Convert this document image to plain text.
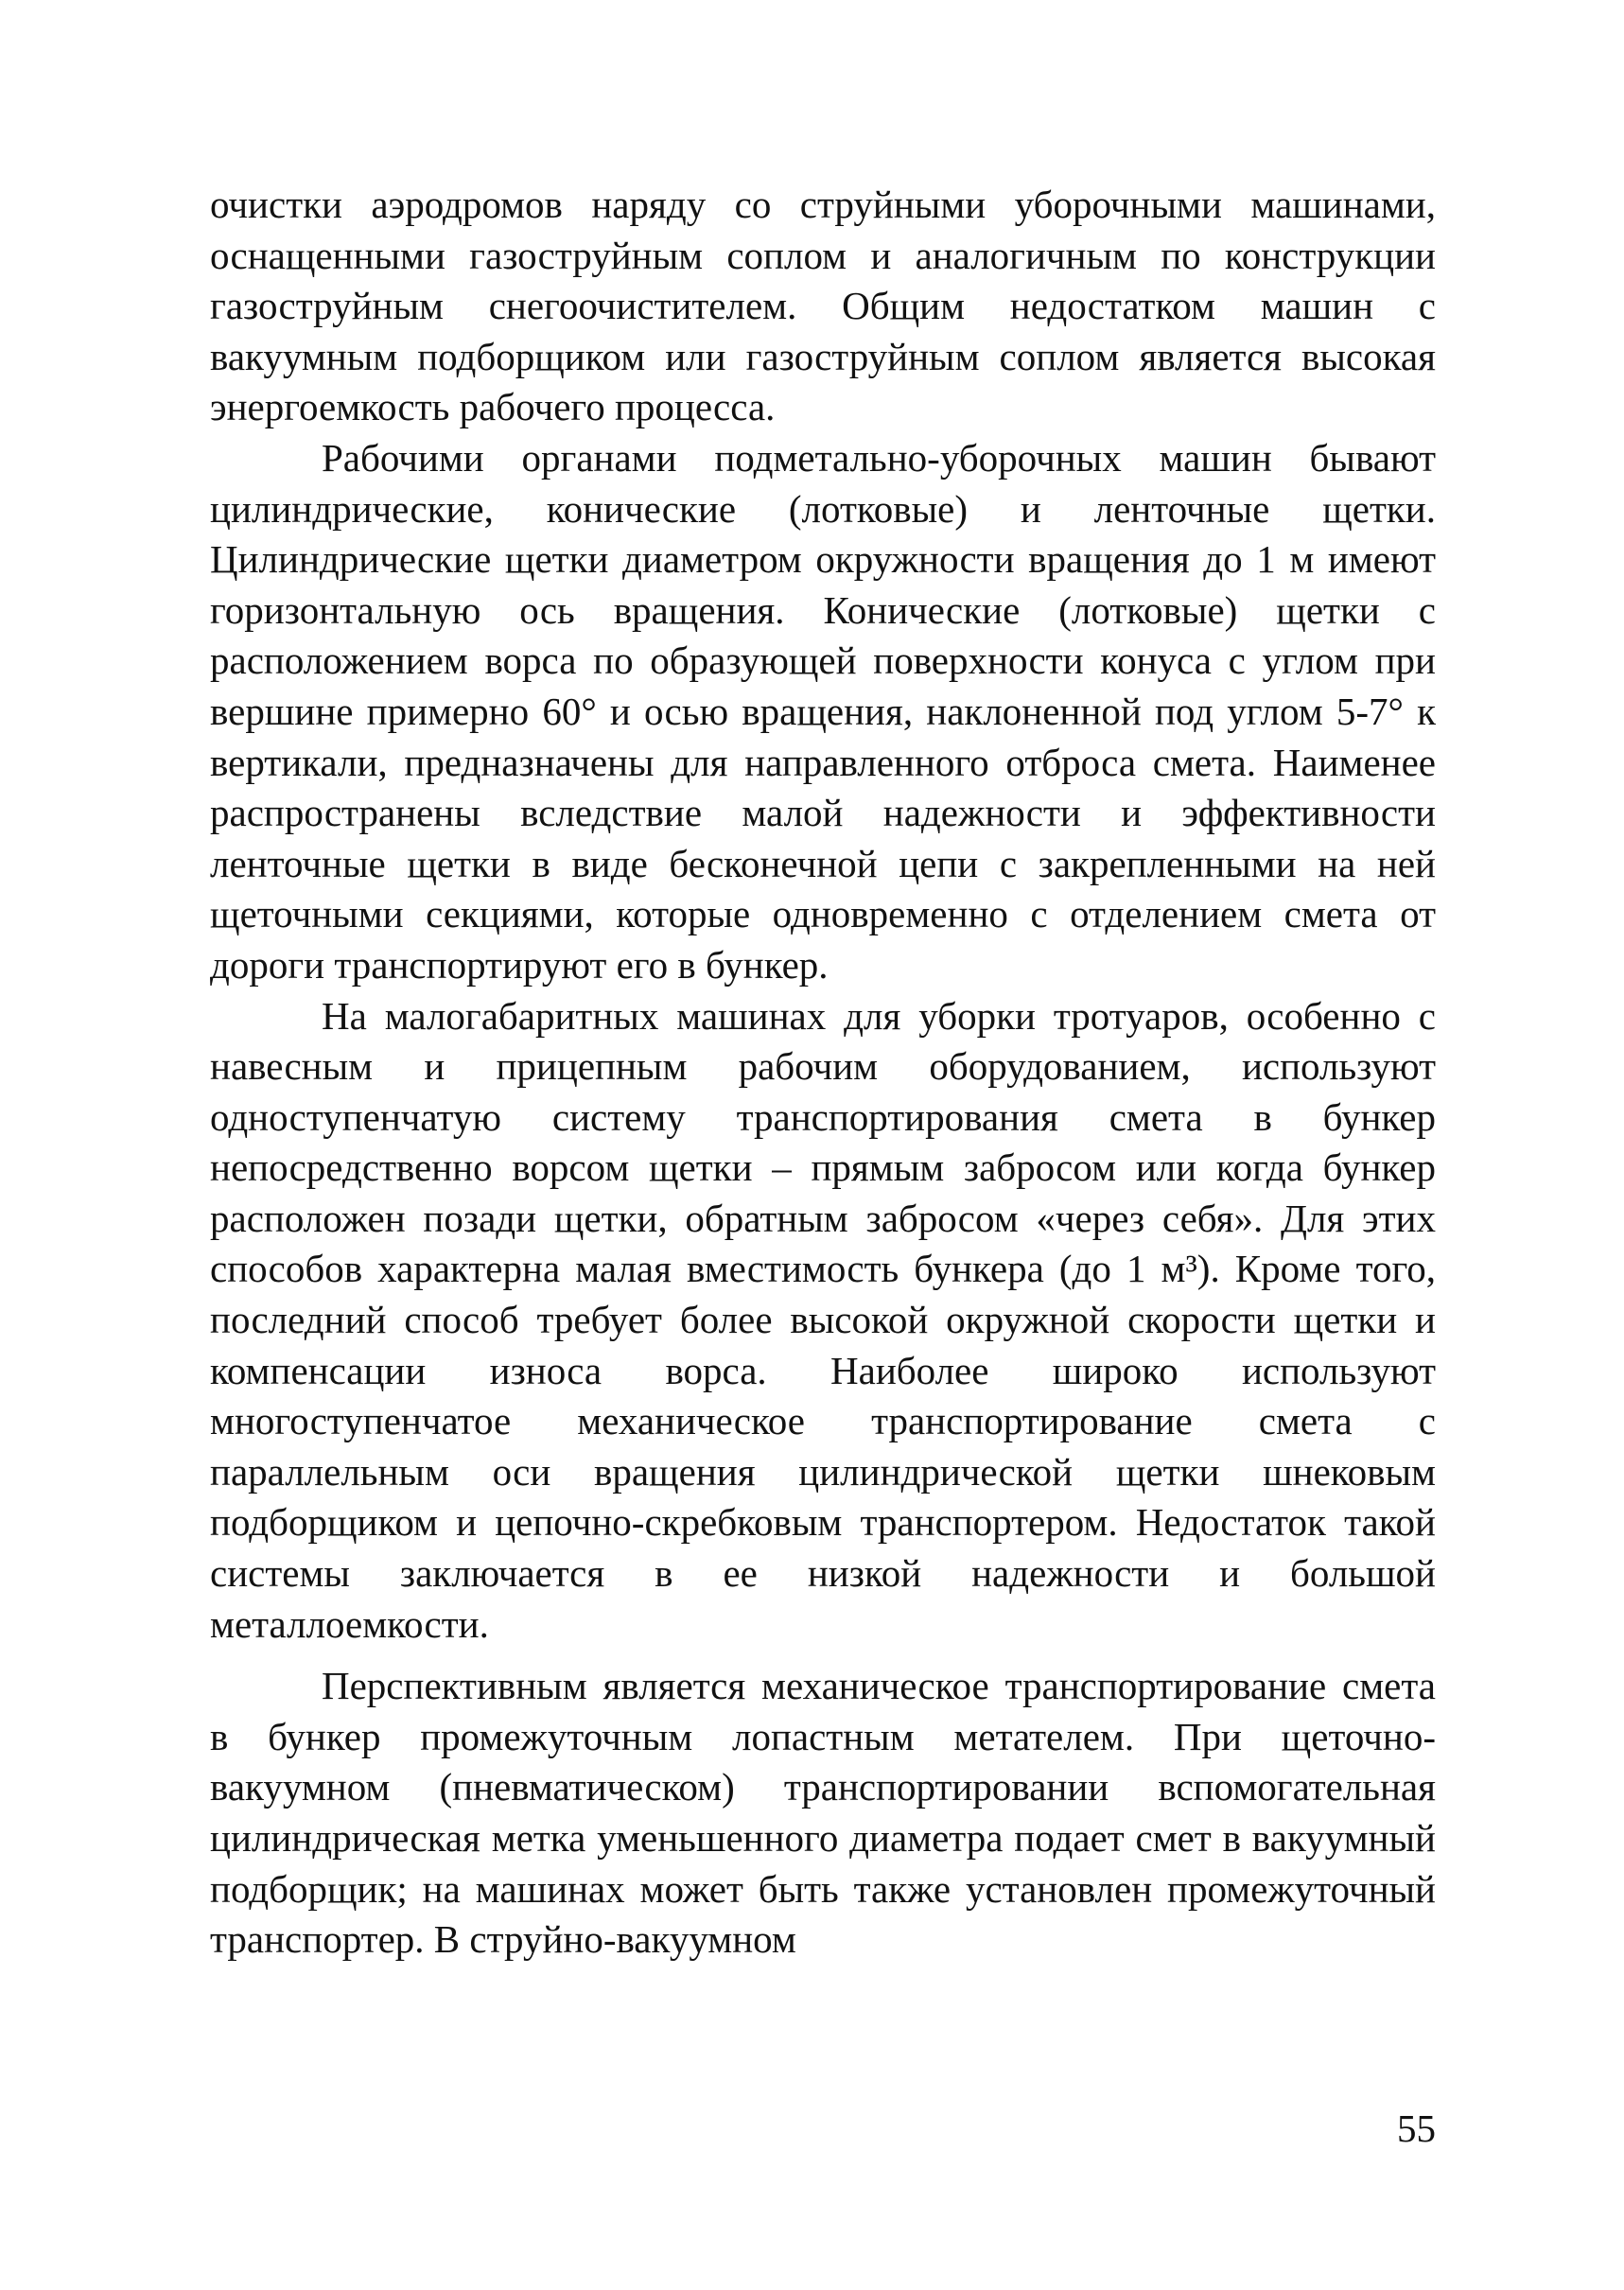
очистки аэродромов наряду со струйными уборочными машинами, оснащенными газоструйным соплом и аналогичным по конструкции газоструйным снегоочистителем. Общим недостатком машин с вакуумным подборщиком или газоструйным соплом является высокая энергоемкость рабочего процесса.

Рабочими органами подметально-уборочных машин бывают цилиндрические, конические (лотковые) и ленточные щетки. Цилиндрические щетки диаметром окружности вращения до 1 м имеют горизонтальную ось вращения. Конические (лотковые) щетки с расположением ворса по образующей поверхности конуса с углом при вершине примерно 60° и осью вращения, наклоненной под углом 5-7° к вертикали, предназначены для направленного отброса смета. Наименее распространены вследствие малой надежности и эффективности ленточные щетки в виде бесконечной цепи с закрепленными на ней щеточными секциями, которые одновременно с отделением смета от дороги транспортируют его в бункер.

На малогабаритных машинах для уборки тротуаров, особенно с навесным и прицепным рабочим оборудованием, используют одноступенчатую систему транспортирования смета в бункер непосредственно ворсом щетки – прямым забросом или когда бункер расположен позади щетки, обратным забросом «через себя». Для этих способов характерна малая вместимость бункера (до 1 м³). Кроме того, последний способ требует более высокой окружной скорости щетки и компенсации износа ворса. Наиболее широко используют многоступенчатое механическое транспортирование смета с параллельным оси вращения цилиндрической щетки шнековым подборщиком и цепочно-скребковым транспортером. Недостаток такой системы заключается в ее низкой надежности и большой металлоемкости.

Перспективным является механическое транспортирование смета в бункер промежуточным лопастным метателем. При щеточно-вакуумном (пневматическом) транспортировании вспомогательная цилиндрическая метка уменьшенного диаметра подает смет в вакуумный подборщик; на машинах может быть также установлен промежуточный транспортер. В струйно-вакуумном

55
